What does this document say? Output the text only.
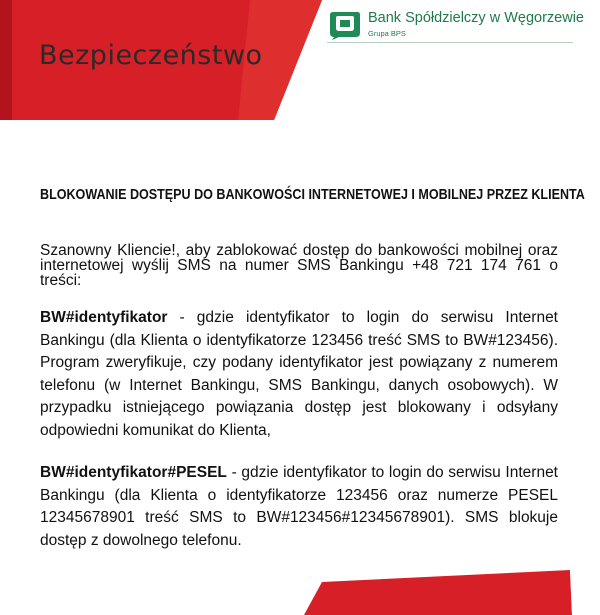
Bezpieczeństwo
Bank Spółdzielczy w Węgorzewie
Grupa BPS
BLOKOWANIE DOSTĘPU DO BANKOWOŚCI INTERNETOWEJ I MOBILNEJ PRZEZ KLIENTA

Szanowny Kliencie!, aby zablokować dostęp do bankowości mobilnej oraz internetowej wyślij SMS na numer SMS Bankingu +48 721 174 761 o treści:

BW#identyfikator - gdzie identyfikator to login do serwisu Internet Bankingu (dla Klienta o identyfikatorze 123456 treść SMS to BW#123456). Program zweryfikuje, czy podany identyfikator jest powiązany z numerem telefonu (w Internet Bankingu, SMS Bankingu, danych osobowych). W przypadku istniejącego powiązania dostęp jest blokowany i odsyłany odpowiedni komunikat do Klienta,

BW#identyfikator#PESEL - gdzie identyfikator to login do serwisu Internet Bankingu (dla Klienta o identyfikatorze 123456 oraz numerze PESEL 12345678901 treść SMS to BW#123456#12345678901). SMS blokuje dostęp z dowolnego telefonu.
